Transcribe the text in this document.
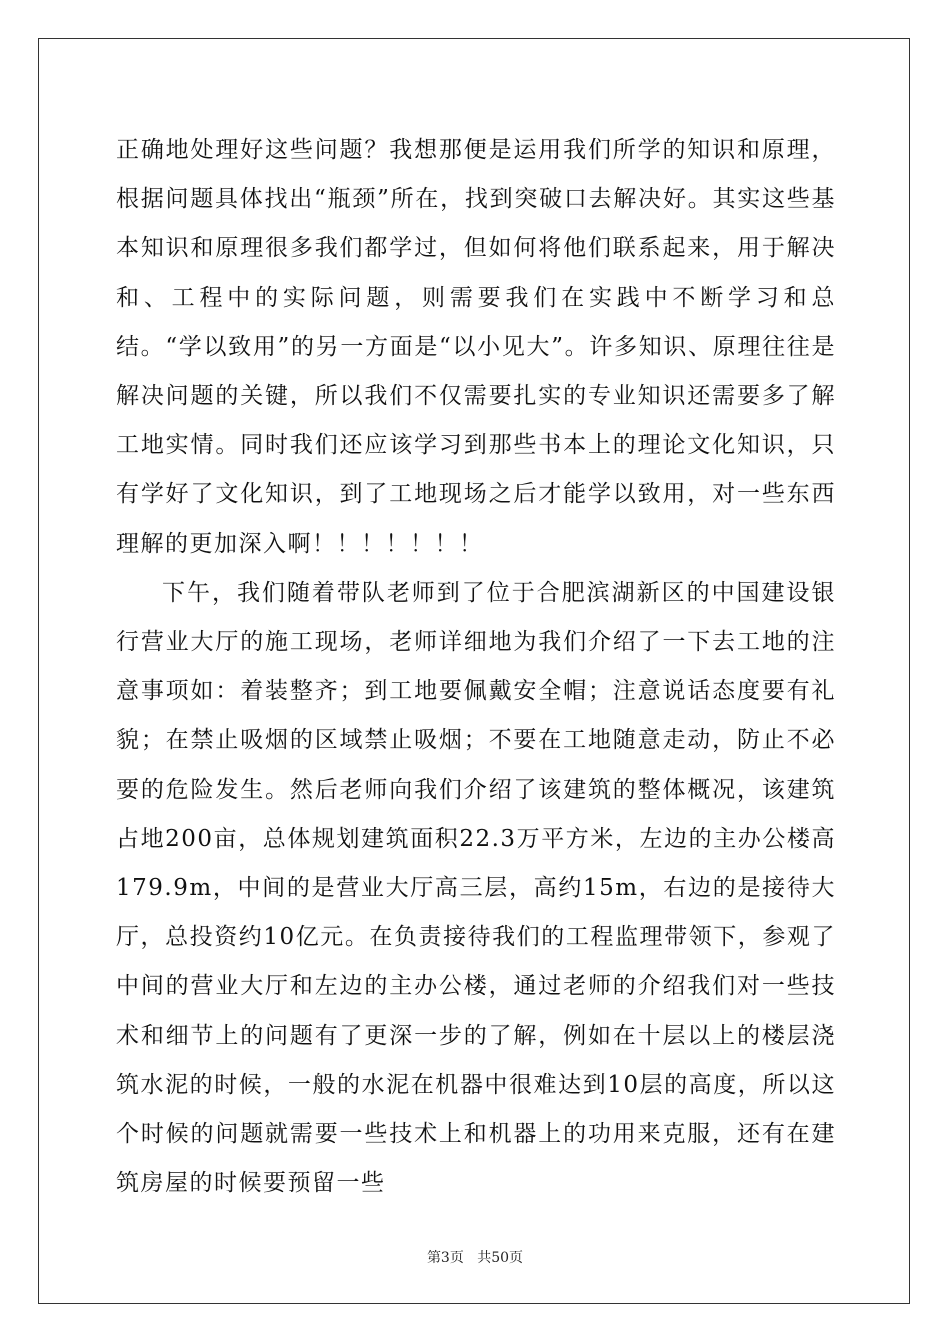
正确地处理好这些问题？我想那便是运用我们所学的知识和原理，根据问题具体找出“瓶颈”所在，找到突破口去解决好。其实这些基本知识和原理很多我们都学过，但如何将他们联系起来，用于解决和、工程中的实际问题，则需要我们在实践中不断学习和总结。“学以致用”的另一方面是“以小见大”。许多知识、原理往往是解决问题的关键，所以我们不仅需要扎实的专业知识还需要多了解工地实情。同时我们还应该学习到那些书本上的理论文化知识，只有学好了文化知识，到了工地现场之后才能学以致用，对一些东西理解的更加深入啊！！！！！！！

下午，我们随着带队老师到了位于合肥滨湖新区的中国建设银行营业大厅的施工现场，老师详细地为我们介绍了一下去工地的注意事项如：着装整齐；到工地要佩戴安全帽；注意说话态度要有礼貌；在禁止吸烟的区域禁止吸烟；不要在工地随意走动，防止不必要的危险发生。然后老师向我们介绍了该建筑的整体概况，该建筑占地200亩，总体规划建筑面积22.3万平方米，左边的主办公楼高179.9m，中间的是营业大厅高三层，高约15m，右边的是接待大厅，总投资约10亿元。在负责接待我们的工程监理带领下，参观了中间的营业大厅和左边的主办公楼，通过老师的介绍我们对一些技术和细节上的问题有了更深一步的了解，例如在十层以上的楼层浇筑水泥的时候，一般的水泥在机器中很难达到10层的高度，所以这个时候的问题就需要一些技术上和机器上的功用来克服，还有在建筑房屋的时候要预留一些

第3页 共50页
